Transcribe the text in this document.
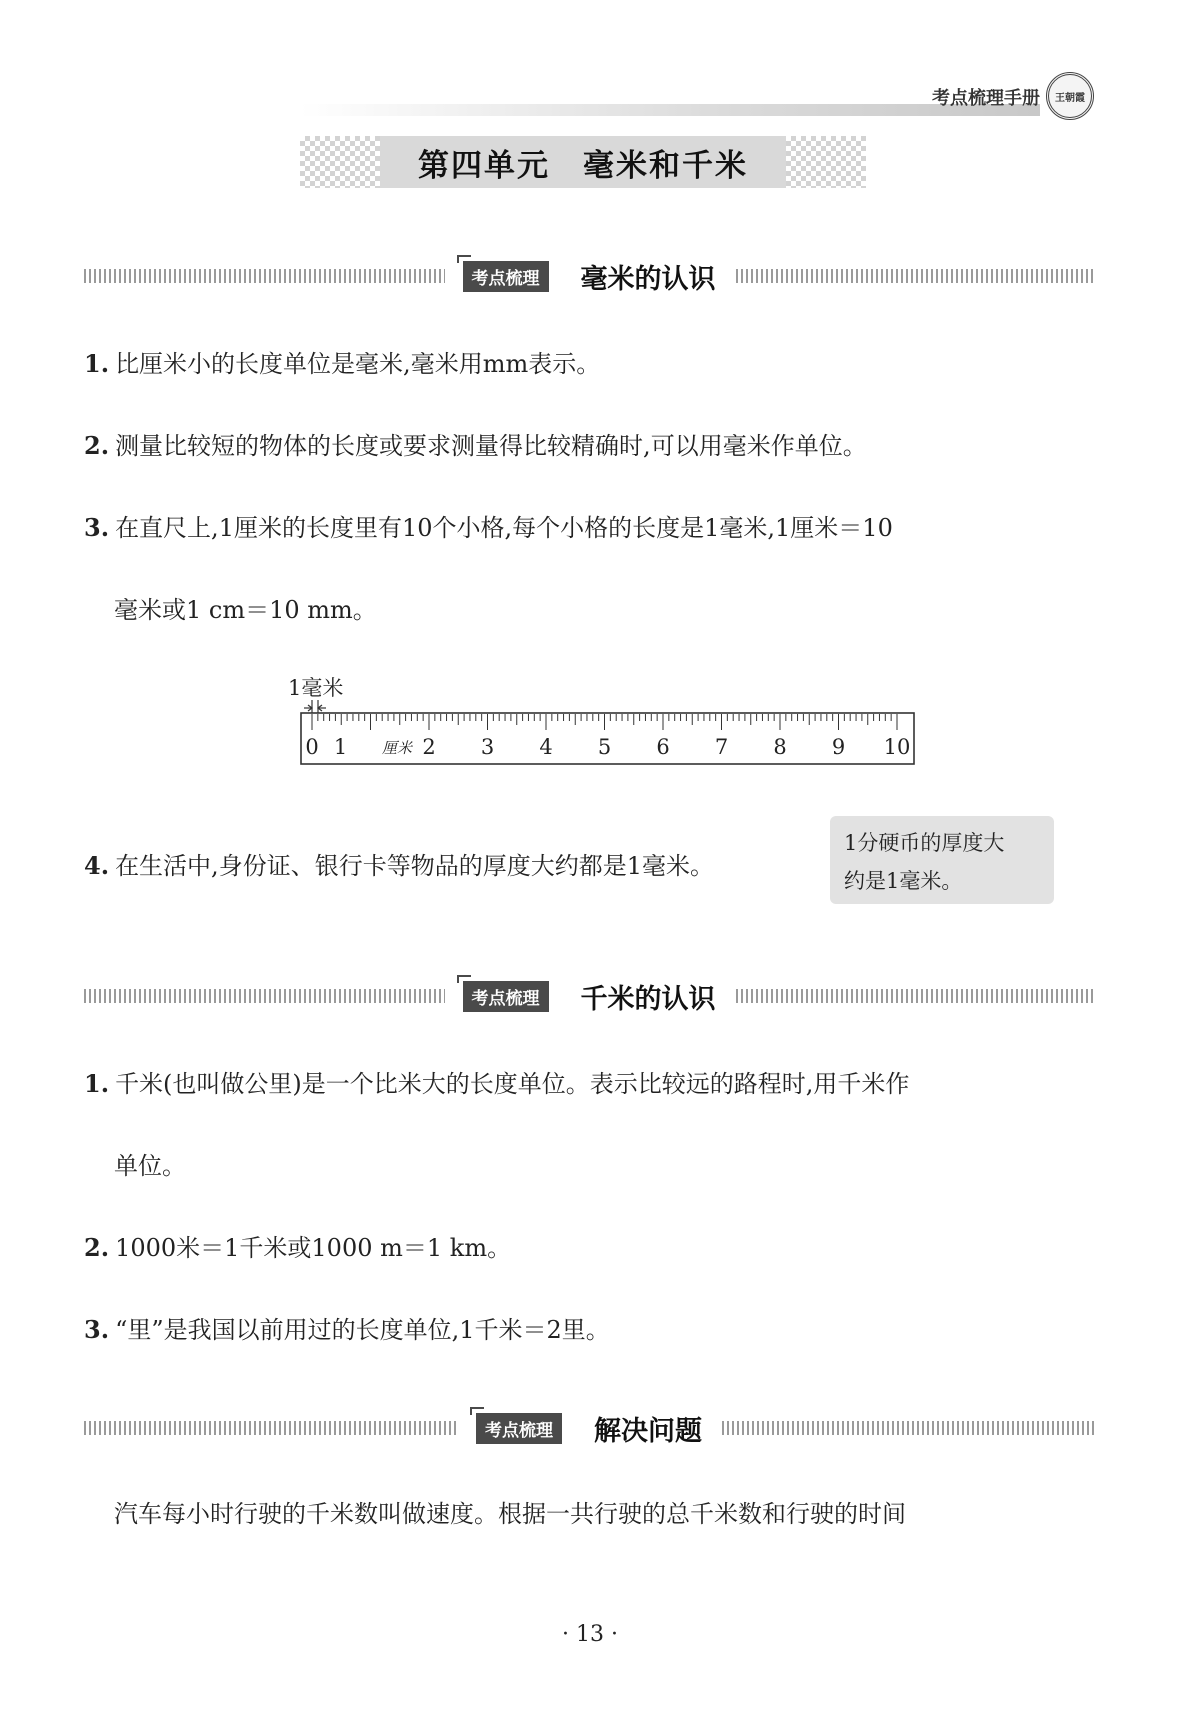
考点梳理手册 王朝霞
第四单元　毫米和千米
考点梳理	毫米的认识
1. 比厘米小的长度单位是毫米,毫米用mm表示。
2. 测量比较短的物体的长度或要求测量得比较精确时,可以用毫米作单位。
3. 在直尺上,1厘米的长度里有10个小格,每个小格的长度是1毫米,1厘米＝10
毫米或1 cm＝10 mm。
1毫米
0 1	2 3 4 5 6 7 8 9 10
厘米
4. 在生活中,身份证、银行卡等物品的厚度大约都是1毫米。
1分硬币的厚度大
约是1毫米。
考点梳理	千米的认识
1. 千米(也叫做公里)是一个比米大的长度单位。表示比较远的路程时,用千米作
单位。
2. 1000米＝1千米或1000 m＝1 km。
3. “里”是我国以前用过的长度单位,1千米＝2里。
考点梳理	解决问题
汽车每小时行驶的千米数叫做速度。根据一共行驶的总千米数和行驶的时间
· 13 ·
